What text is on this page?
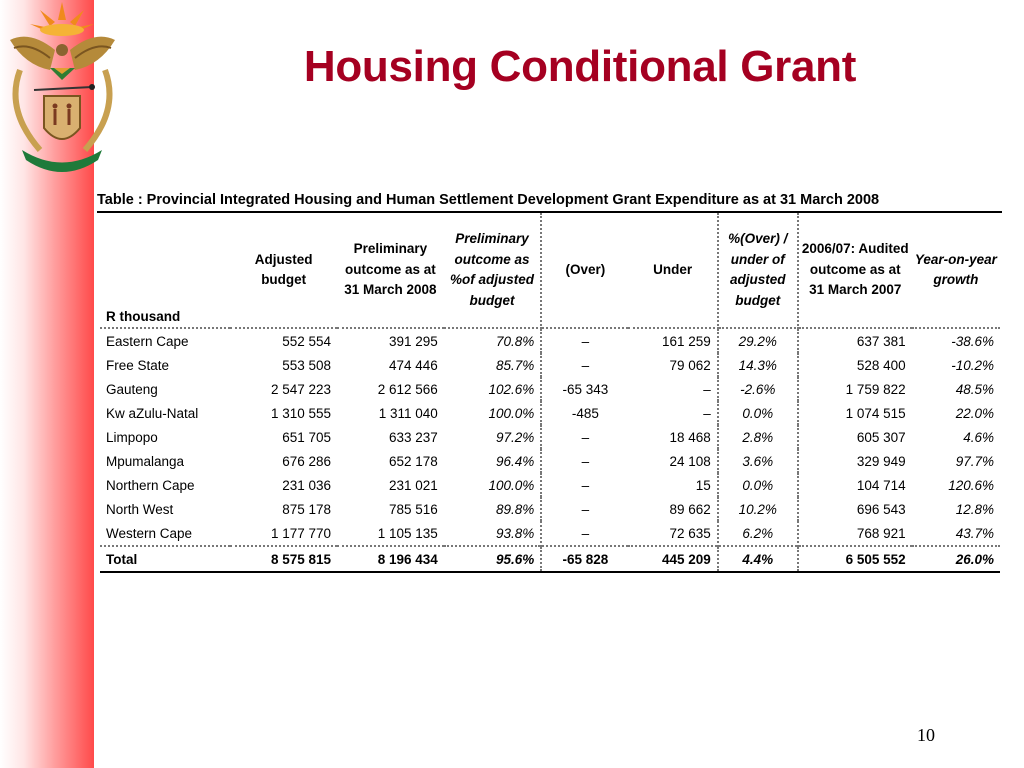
Housing Conditional Grant
Table : Provincial Integrated Housing and Human Settlement Development Grant Expenditure as at 31 March 2008
R thousand	Adjusted budget	Preliminary outcome as at 31 March 2008	Preliminary outcome as %of adjusted budget	(Over)	Under	%(Over) / under of adjusted budget	2006/07: Audited outcome as at 31 March 2007	Year-on-year growth
Eastern Cape	552 554	391 295	70.8%	–	161 259	29.2%	637 381	-38.6%
Free State	553 508	474 446	85.7%	–	79 062	14.3%	528 400	-10.2%
Gauteng	2 547 223	2 612 566	102.6%	-65 343	–	-2.6%	1 759 822	48.5%
Kw aZulu-Natal	1 310 555	1 311 040	100.0%	-485	–	0.0%	1 074 515	22.0%
Limpopo	651 705	633 237	97.2%	–	18 468	2.8%	605 307	4.6%
Mpumalanga	676 286	652 178	96.4%	–	24 108	3.6%	329 949	97.7%
Northern Cape	231 036	231 021	100.0%	–	15	0.0%	104 714	120.6%
North West	875 178	785 516	89.8%	–	89 662	10.2%	696 543	12.8%
Western Cape	1 177 770	1 105 135	93.8%	–	72 635	6.2%	768 921	43.7%
Total	8 575 815	8 196 434	95.6%	-65 828	445 209	4.4%	6 505 552	26.0%
10
